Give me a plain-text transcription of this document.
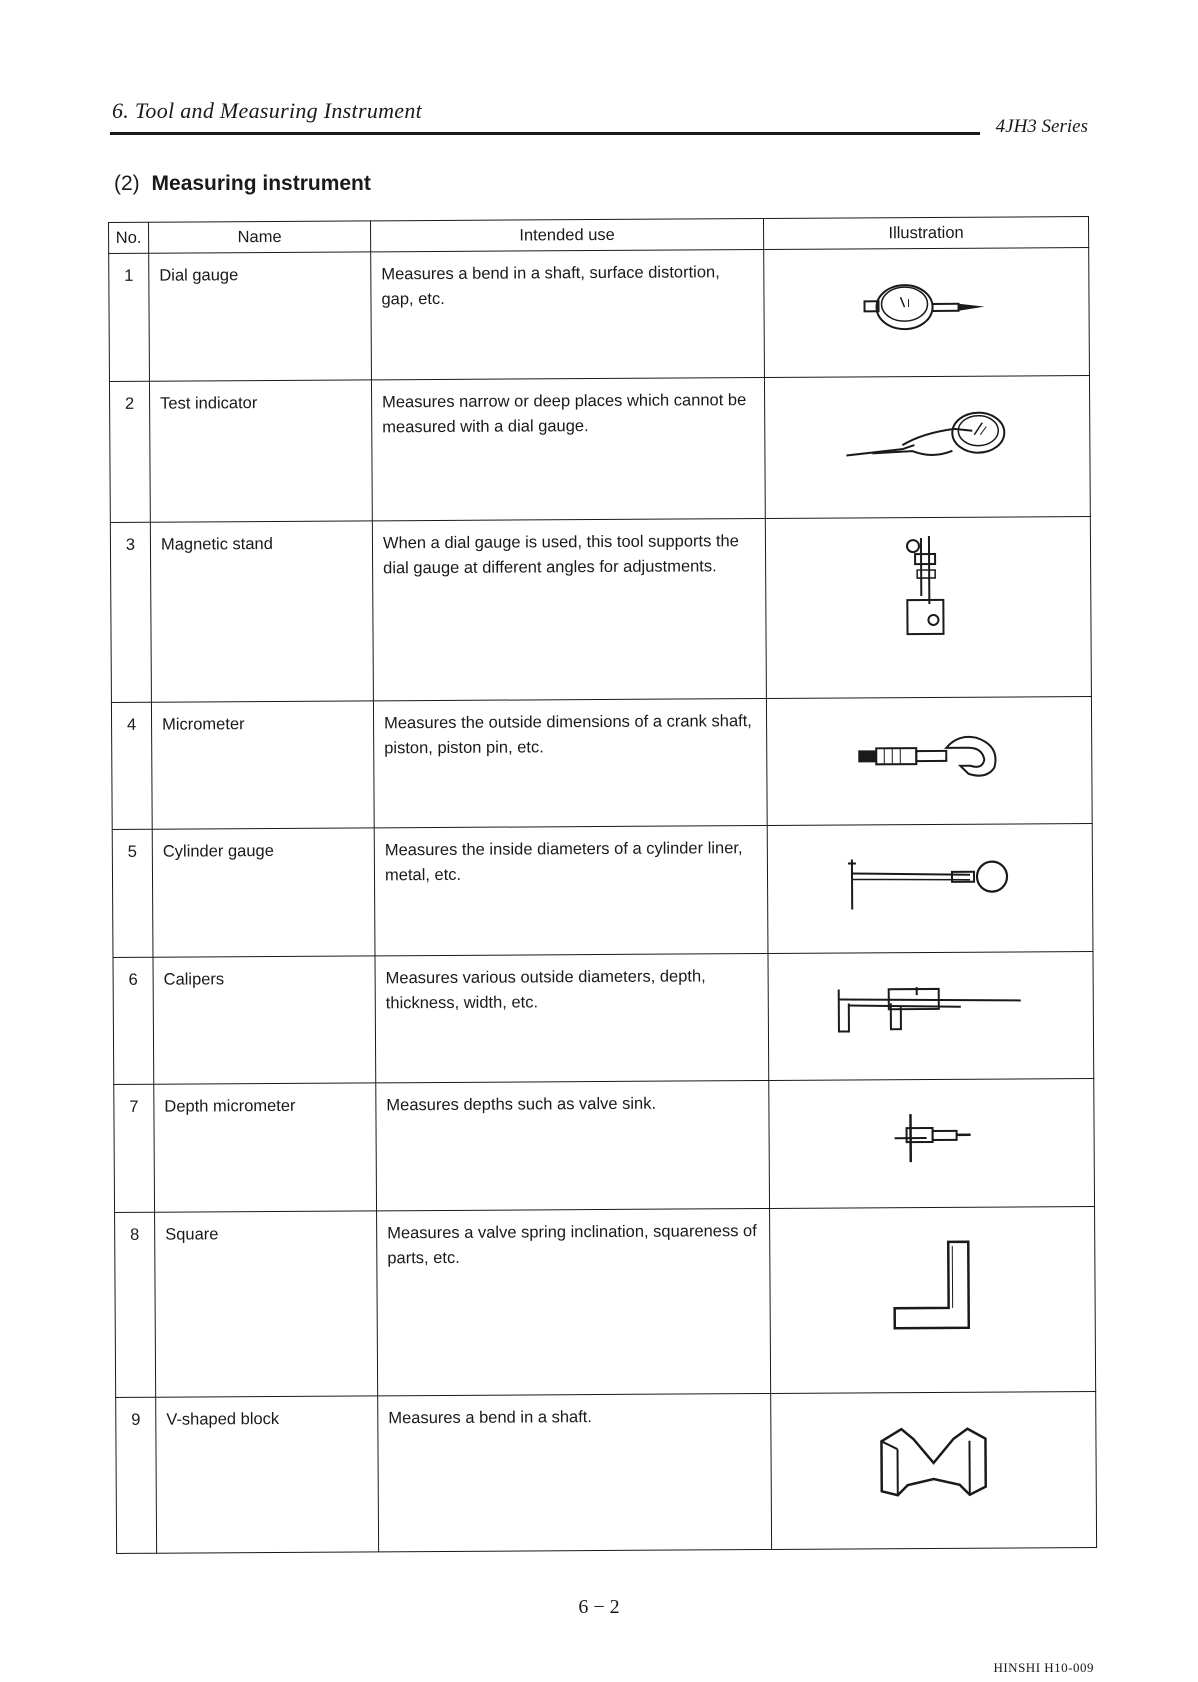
6. Tool and Measuring Instrument
4JH3 Series
(2) Measuring instrument
No.	Name	Intended use	Illustration
1	Dial gauge	Measures a bend in a shaft, surface distortion, gap, etc.	

2	Test indicator	Measures narrow or deep places which cannot be measured with a dial gauge.	

3	Magnetic stand	When a dial gauge is used, this tool supports the dial gauge at different angles for adjustments.	

4	Micrometer	Measures the outside dimensions of a crank shaft, piston, piston pin, etc.	

5	Cylinder gauge	Measures the inside diameters of a cylinder liner, metal, etc.	

6	Calipers	Measures various outside diameters, depth, thickness, width, etc.	

7	Depth micrometer	Measures depths such as valve sink.	

8	Square	Measures a valve spring inclination, squareness of parts, etc.	

9	V-shaped block	Measures a bend in a shaft.	
6 − 2
HINSHI H10-009
